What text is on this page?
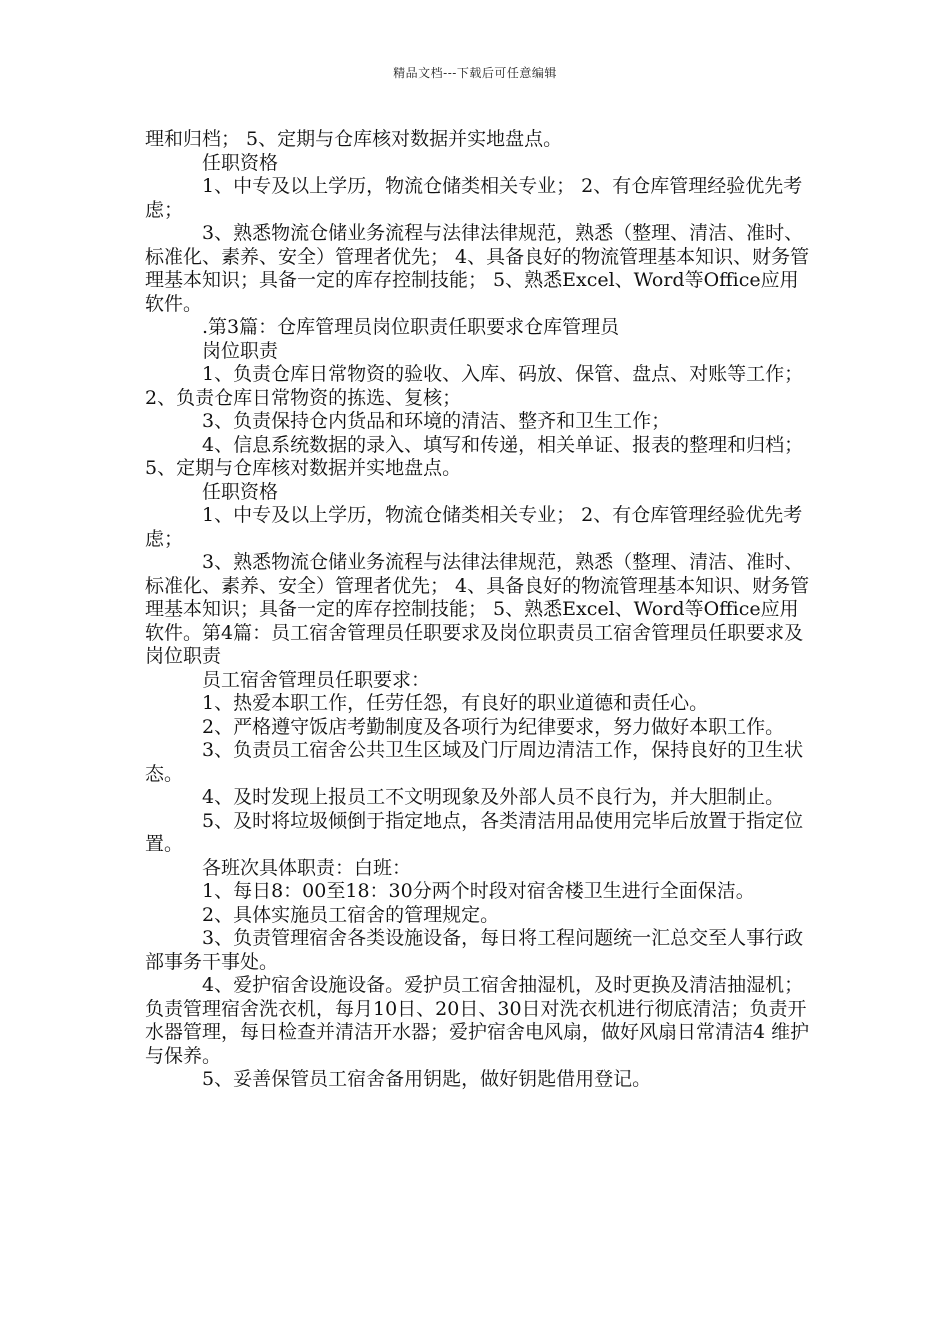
精品文档---下载后可任意编辑

理和归档； 5、定期与仓库核对数据并实地盘点。

任职资格

1、中专及以上学历，物流仓储类相关专业； 2、有仓库管理经验优先考虑；

3、熟悉物流仓储业务流程与法律法律规范，熟悉（整理、清洁、准时、标准化、素养、安全）管理者优先； 4、具备良好的物流管理基本知识、财务管理基本知识；具备一定的库存控制技能； 5、熟悉Excel、Word等Office应用软件。

.第3篇：仓库管理员岗位职责任职要求仓库管理员

岗位职责

1、负责仓库日常物资的验收、入库、码放、保管、盘点、对账等工作； 2、负责仓库日常物资的拣选、复核；

3、负责保持仓内货品和环境的清洁、整齐和卫生工作；

4、信息系统数据的录入、填写和传递，相关单证、报表的整理和归档； 5、定期与仓库核对数据并实地盘点。

任职资格

1、中专及以上学历，物流仓储类相关专业； 2、有仓库管理经验优先考虑；

3、熟悉物流仓储业务流程与法律法律规范，熟悉（整理、清洁、准时、标准化、素养、安全）管理者优先； 4、具备良好的物流管理基本知识、财务管理基本知识；具备一定的库存控制技能； 5、熟悉Excel、Word等Office应用软件。第4篇：员工宿舍管理员任职要求及岗位职责员工宿舍管理员任职要求及岗位职责

员工宿舍管理员任职要求：

1、热爱本职工作，任劳任怨，有良好的职业道德和责任心。

2、严格遵守饭店考勤制度及各项行为纪律要求，努力做好本职工作。

3、负责员工宿舍公共卫生区域及门厅周边清洁工作，保持良好的卫生状态。

4、及时发现上报员工不文明现象及外部人员不良行为，并大胆制止。

5、及时将垃圾倾倒于指定地点，各类清洁用品使用完毕后放置于指定位置。

各班次具体职责：白班：

1、每日8：00至18：30分两个时段对宿舍楼卫生进行全面保洁。

2、具体实施员工宿舍的管理规定。

3、负责管理宿舍各类设施设备，每日将工程问题统一汇总交至人事行政部事务干事处。

4、爱护宿舍设施设备。爱护员工宿舍抽湿机，及时更换及清洁抽湿机；负责管理宿舍洗衣机，每月10日、20日、30日对洗衣机进行彻底清洁；负责开水器管理，每日检查并清洁开水器；爱护宿舍电风扇，做好风扇日常清洁4 维护与保养。

5、妥善保管员工宿舍备用钥匙，做好钥匙借用登记。
